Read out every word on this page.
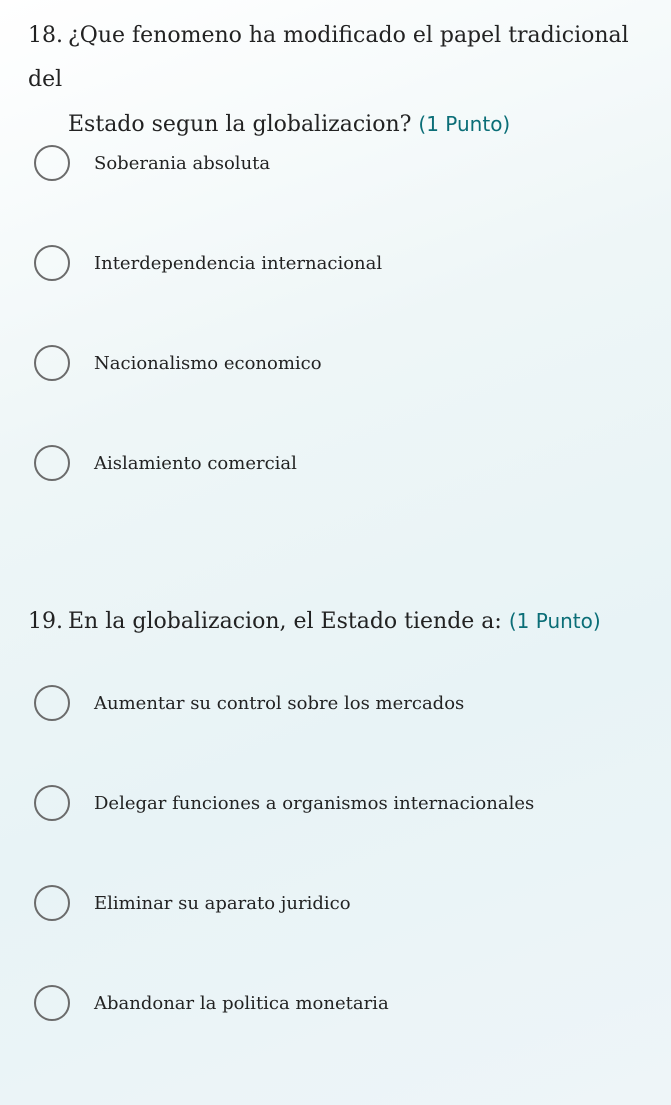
18. ¿Que fenomeno ha modificado el papel tradicional del
Estado segun la globalizacion? (1 Punto)
Soberania absoluta
Interdependencia internacional
Nacionalismo economico
Aislamiento comercial
19. En la globalizacion, el Estado tiende a: (1 Punto)
Aumentar su control sobre los mercados
Delegar funciones a organismos internacionales
Eliminar su aparato juridico
Abandonar la politica monetaria
